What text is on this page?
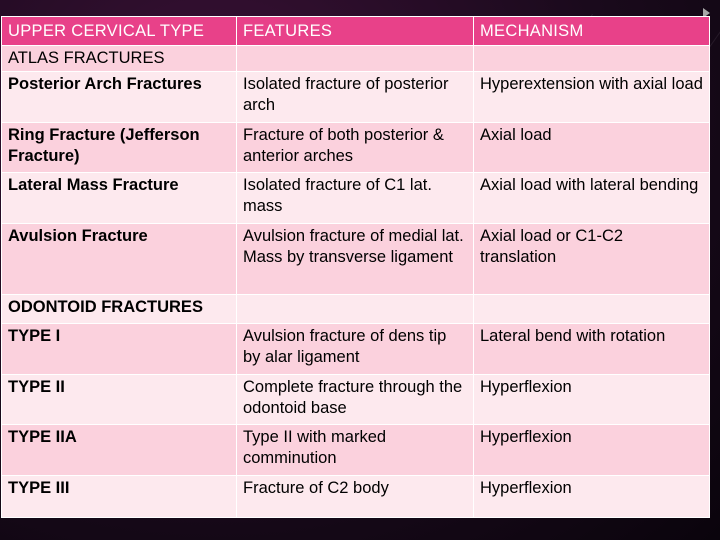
UPPER CERVICAL TYPE	FEATURES	MECHANISM
ATLAS FRACTURES		
Posterior Arch Fractures	Isolated fracture of posterior arch	Hyperextension with axial load
Ring Fracture (Jefferson Fracture)	Fracture of both posterior & anterior arches	Axial load
Lateral Mass Fracture	Isolated fracture of C1 lat. mass	Axial load with lateral bending
Avulsion Fracture	Avulsion fracture of medial lat. Mass by transverse ligament	Axial load or C1-C2 translation
ODONTOID FRACTURES		
TYPE I	Avulsion fracture of dens tip by alar ligament	Lateral bend with rotation
TYPE II	Complete fracture through the odontoid base	Hyperflexion
TYPE IIA	Type II with marked comminution	Hyperflexion
TYPE III	Fracture of C2 body	Hyperflexion
